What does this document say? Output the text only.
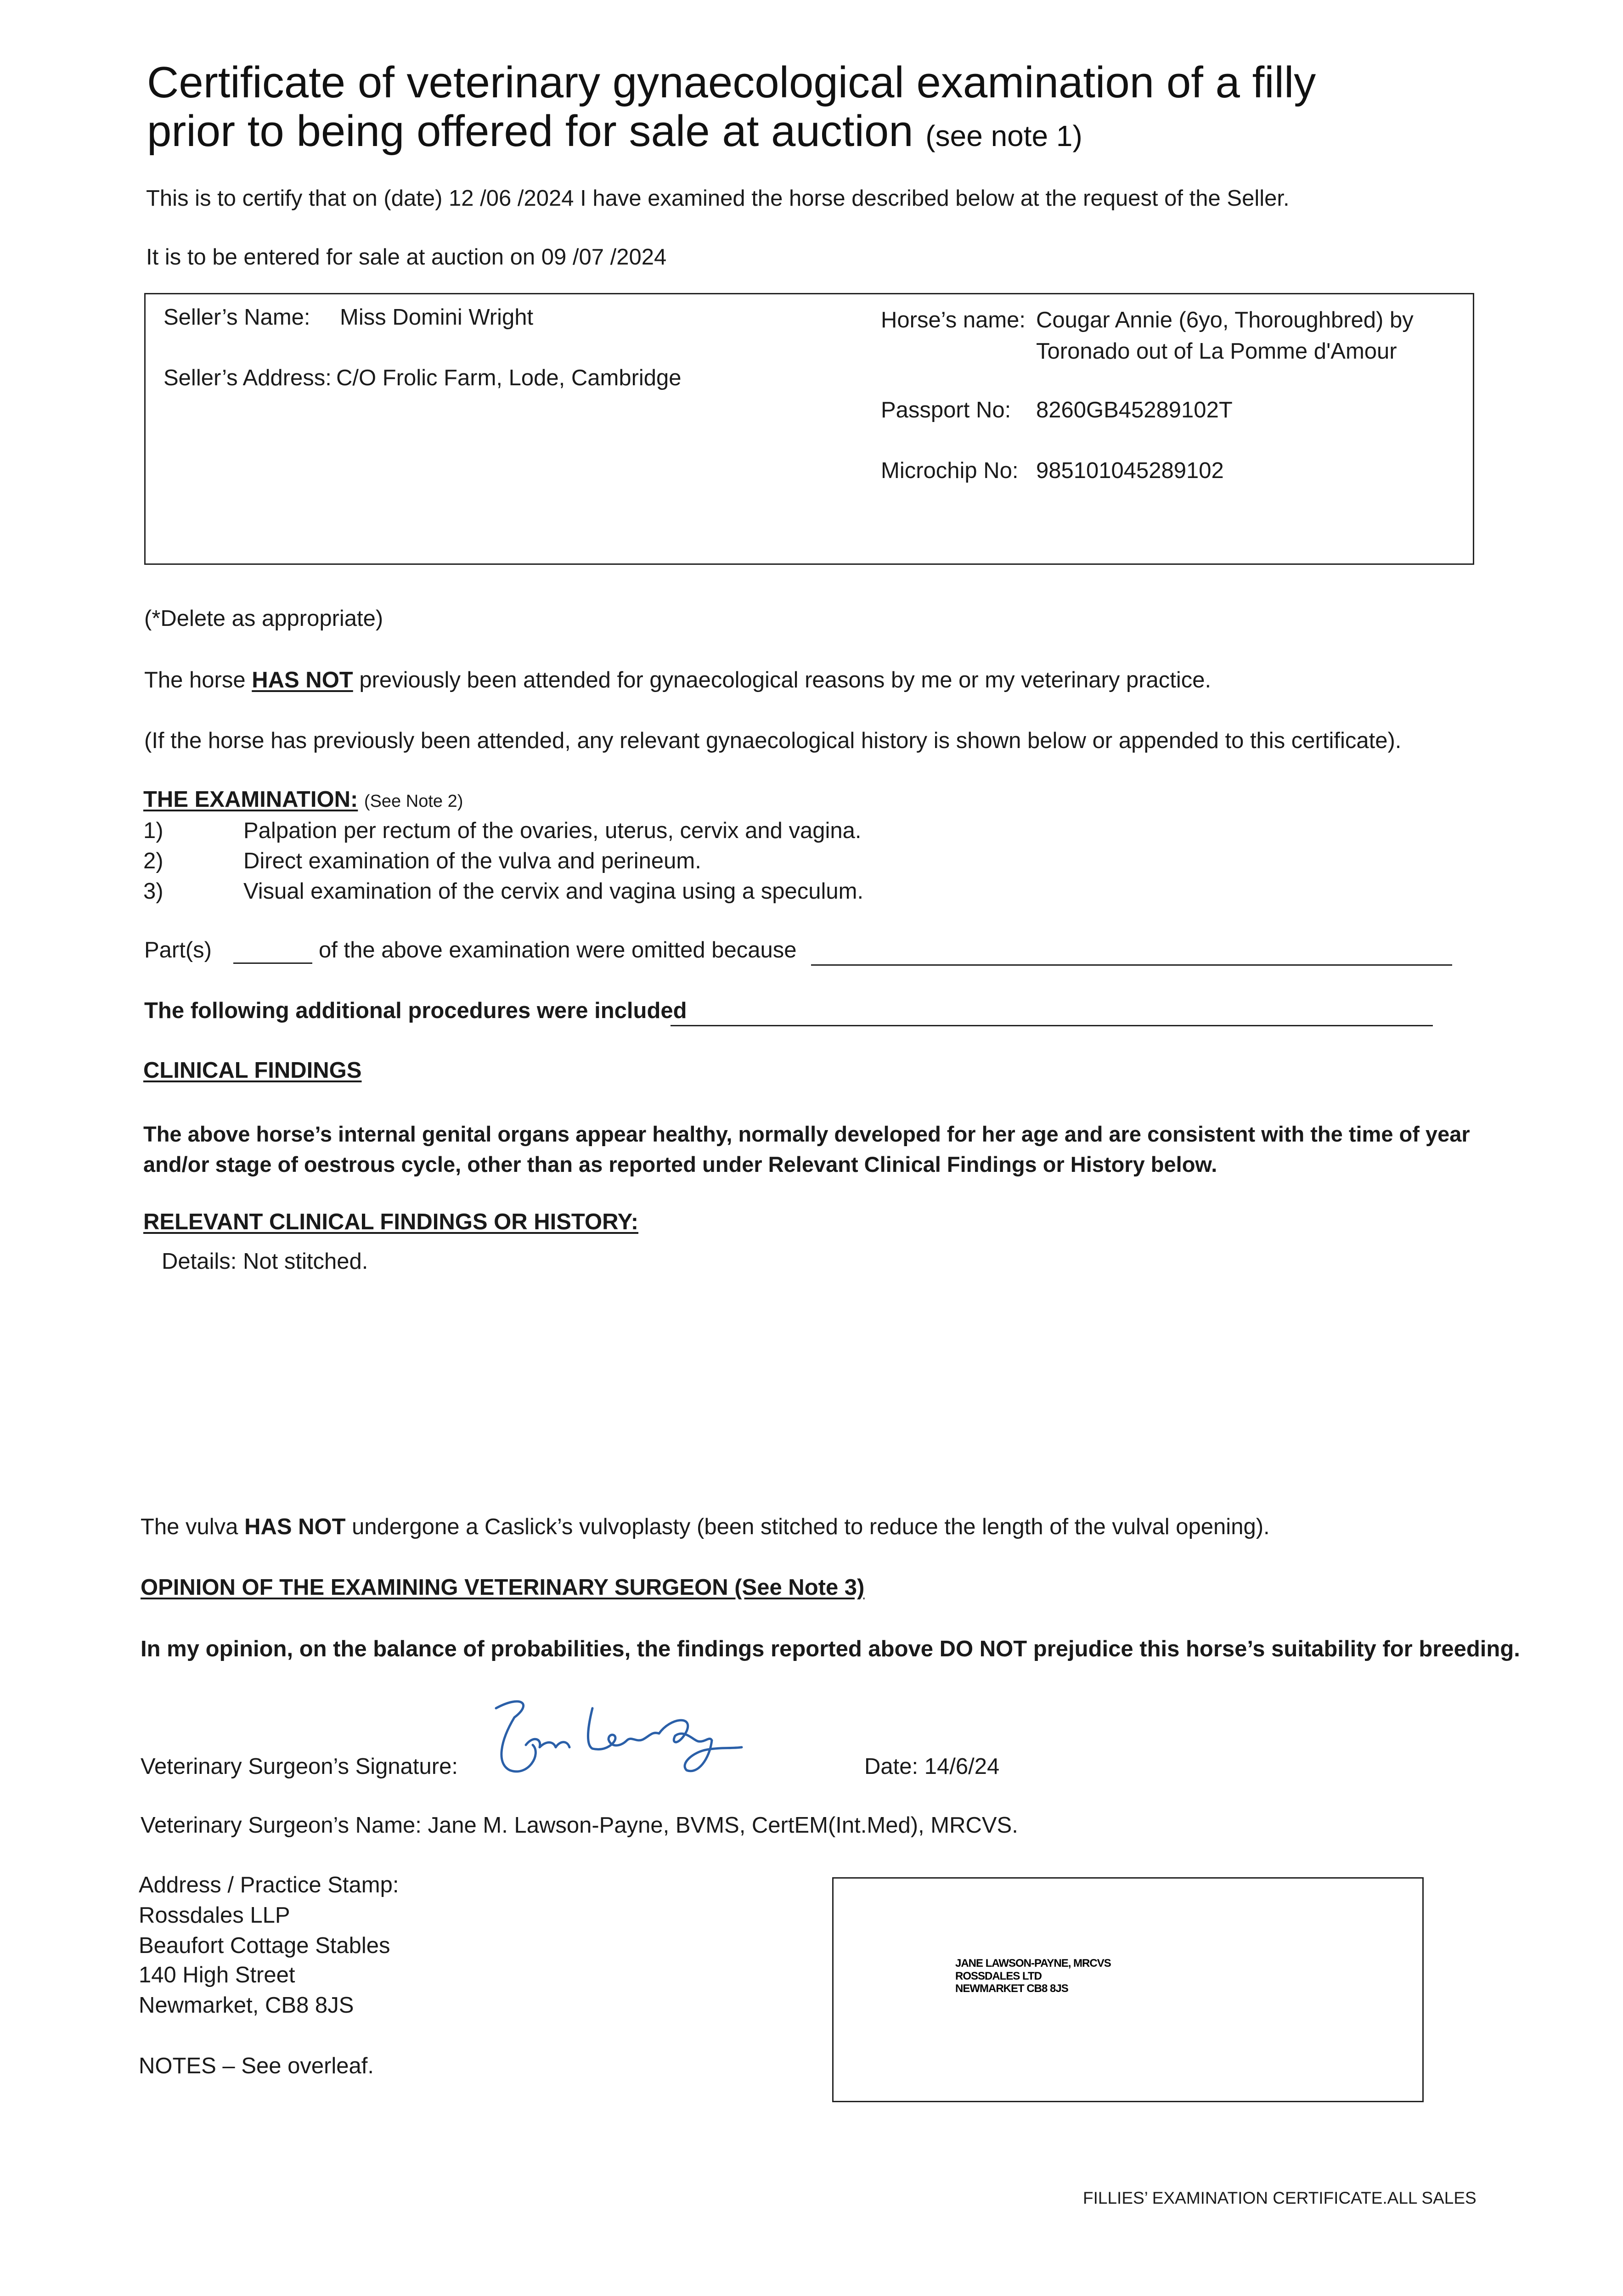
Certificate of veterinary gynaecological examination of a filly
prior to being offered for sale at auction (see note 1)
This is to certify that on (date) 12 /06 /2024 I have examined the horse described below at the request of the Seller.
It is to be entered for sale at auction on 09 /07 /2024
Seller’s Name: Miss Domini Wright
Seller’s Address: C/O Frolic Farm, Lode, Cambridge
Horse’s name: Cougar Annie (6yo, Thoroughbred) by
Toronado out of La Pomme d'Amour
Passport No: 8260GB45289102T
Microchip No: 985101045289102
(*Delete as appropriate)
The horse HAS NOT previously been attended for gynaecological reasons by me or my veterinary practice.
(If the horse has previously been attended, any relevant gynaecological history is shown below or appended to this certificate).
THE EXAMINATION: (See Note 2)
1)	Palpation per rectum of the ovaries, uterus, cervix and vagina.
2)	Direct examination of the vulva and perineum.
3)	Visual examination of the cervix and vagina using a speculum.
Part(s)	of the above examination were omitted because
The following additional procedures were included
CLINICAL FINDINGS
The above horse’s internal genital organs appear healthy, normally developed for her age and are consistent with the time of year
and/or stage of oestrous cycle, other than as reported under Relevant Clinical Findings or History below.
RELEVANT CLINICAL FINDINGS OR HISTORY:
Details: Not stitched.
The vulva HAS NOT undergone a Caslick’s vulvoplasty (been stitched to reduce the length of the vulval opening).
OPINION OF THE EXAMINING VETERINARY SURGEON (See Note 3)
In my opinion, on the balance of probabilities, the findings reported above DO NOT prejudice this horse’s suitability for breeding.
Veterinary Surgeon’s Signature:	Date: 14/6/24
Veterinary Surgeon’s Name: Jane M. Lawson-Payne, BVMS, CertEM(Int.Med), MRCVS.
Address / Practice Stamp:
Rossdales LLP
Beaufort Cottage Stables
140 High Street
Newmarket, CB8 8JS
JANE LAWSON-PAYNE, MRCVS
ROSSDALES LTD
NEWMARKET CB8 8JS
NOTES – See overleaf.
FILLIES’ EXAMINATION CERTIFICATE.ALL SALES
